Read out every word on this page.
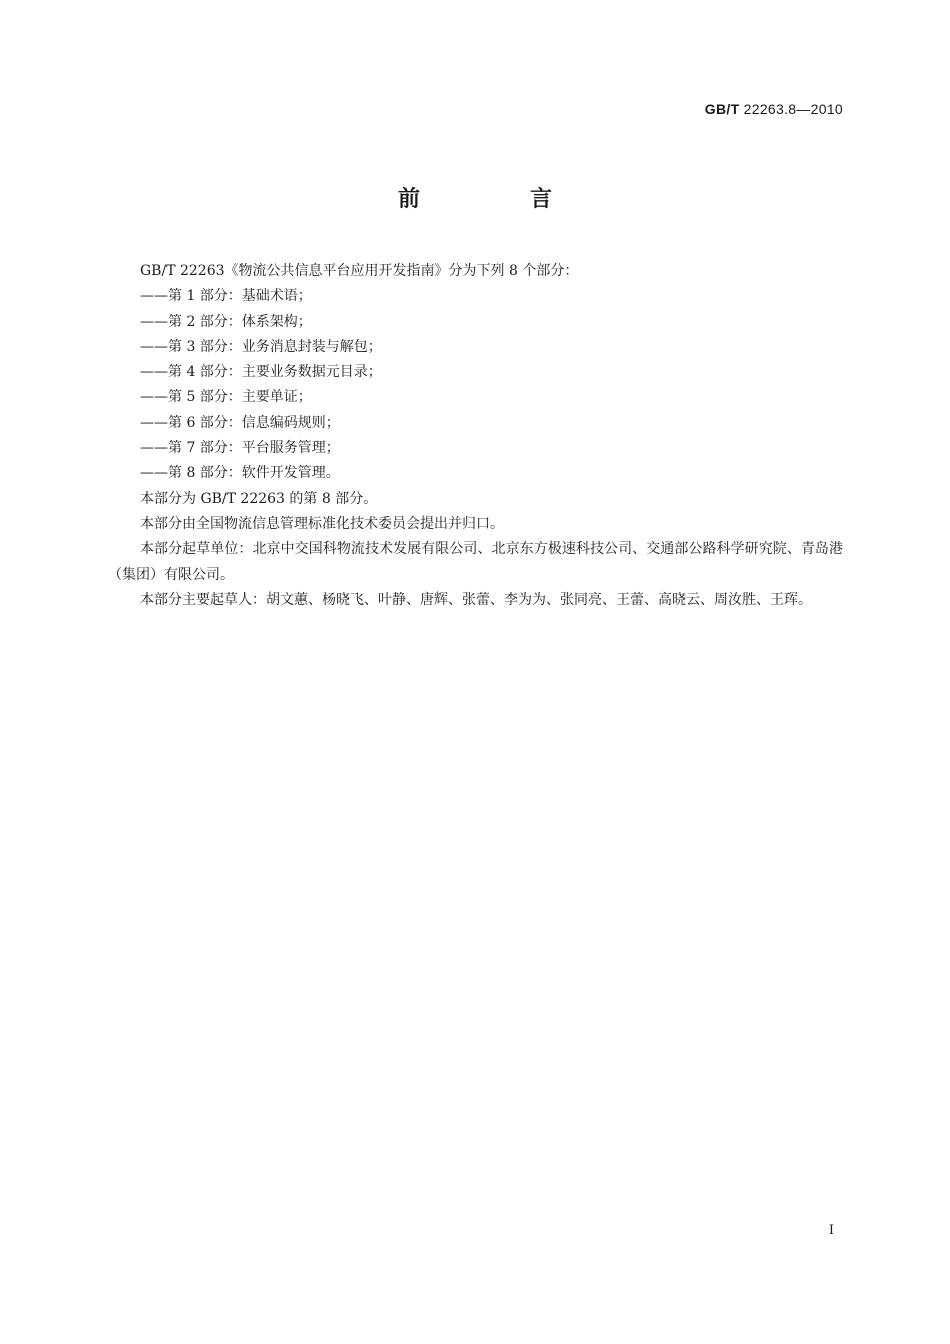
GB/T 22263.8—2010
前　言

GB/T 22263《物流公共信息平台应用开发指南》分为下列 8 个部分：

——第 1 部分：基础术语；

——第 2 部分：体系架构；

——第 3 部分：业务消息封装与解包；

——第 4 部分：主要业务数据元目录；

——第 5 部分：主要单证；

——第 6 部分：信息编码规则；

——第 7 部分：平台服务管理；

——第 8 部分：软件开发管理。

本部分为 GB/T 22263 的第 8 部分。

本部分由全国物流信息管理标准化技术委员会提出并归口。

本部分起草单位：北京中交国科物流技术发展有限公司、北京东方极速科技公司、交通部公路科学研究院、青岛港（集团）有限公司。

本部分主要起草人：胡文蕙、杨晓飞、叶静、唐辉、张蕾、李为为、张同亮、王蕾、高晓云、周汝胜、王珲。

I
